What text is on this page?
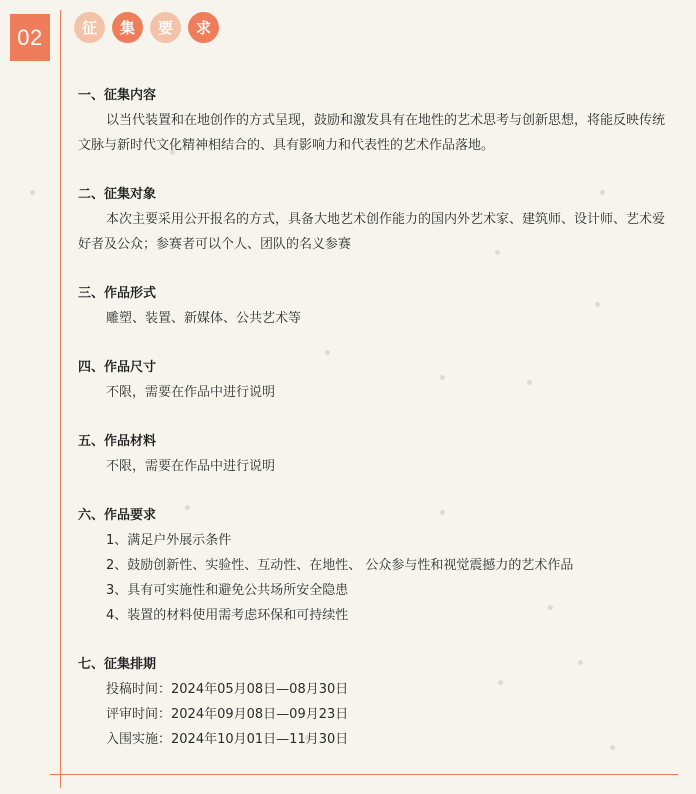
02	征	集	要	求
一、征集内容

以当代装置和在地创作的方式呈现，鼓励和激发具有在地性的艺术思考与创新思想，将能反映传统文脉与新时代文化精神相结合的、具有影响力和代表性的艺术作品落地。

二、征集对象

本次主要采用公开报名的方式，具备大地艺术创作能力的国内外艺术家、建筑师、设计师、艺术爱好者及公众；参赛者可以个人、团队的名义参赛

三、作品形式
雕塑、装置、新媒体、公共艺术等
四、作品尺寸
不限，需要在作品中进行说明
五、作品材料
不限，需要在作品中进行说明
六、作品要求
1、满足户外展示条件
2、鼓励创新性、实验性、互动性、在地性、 公众参与性和视觉震撼力的艺术作品
3、具有可实施性和避免公共场所安全隐患
4、装置的材料使用需考虑环保和可持续性
七、征集排期
投稿时间：2024年05月08日—08月30日
评审时间：2024年09月08日—09月23日
入围实施：2024年10月01日—11月30日
